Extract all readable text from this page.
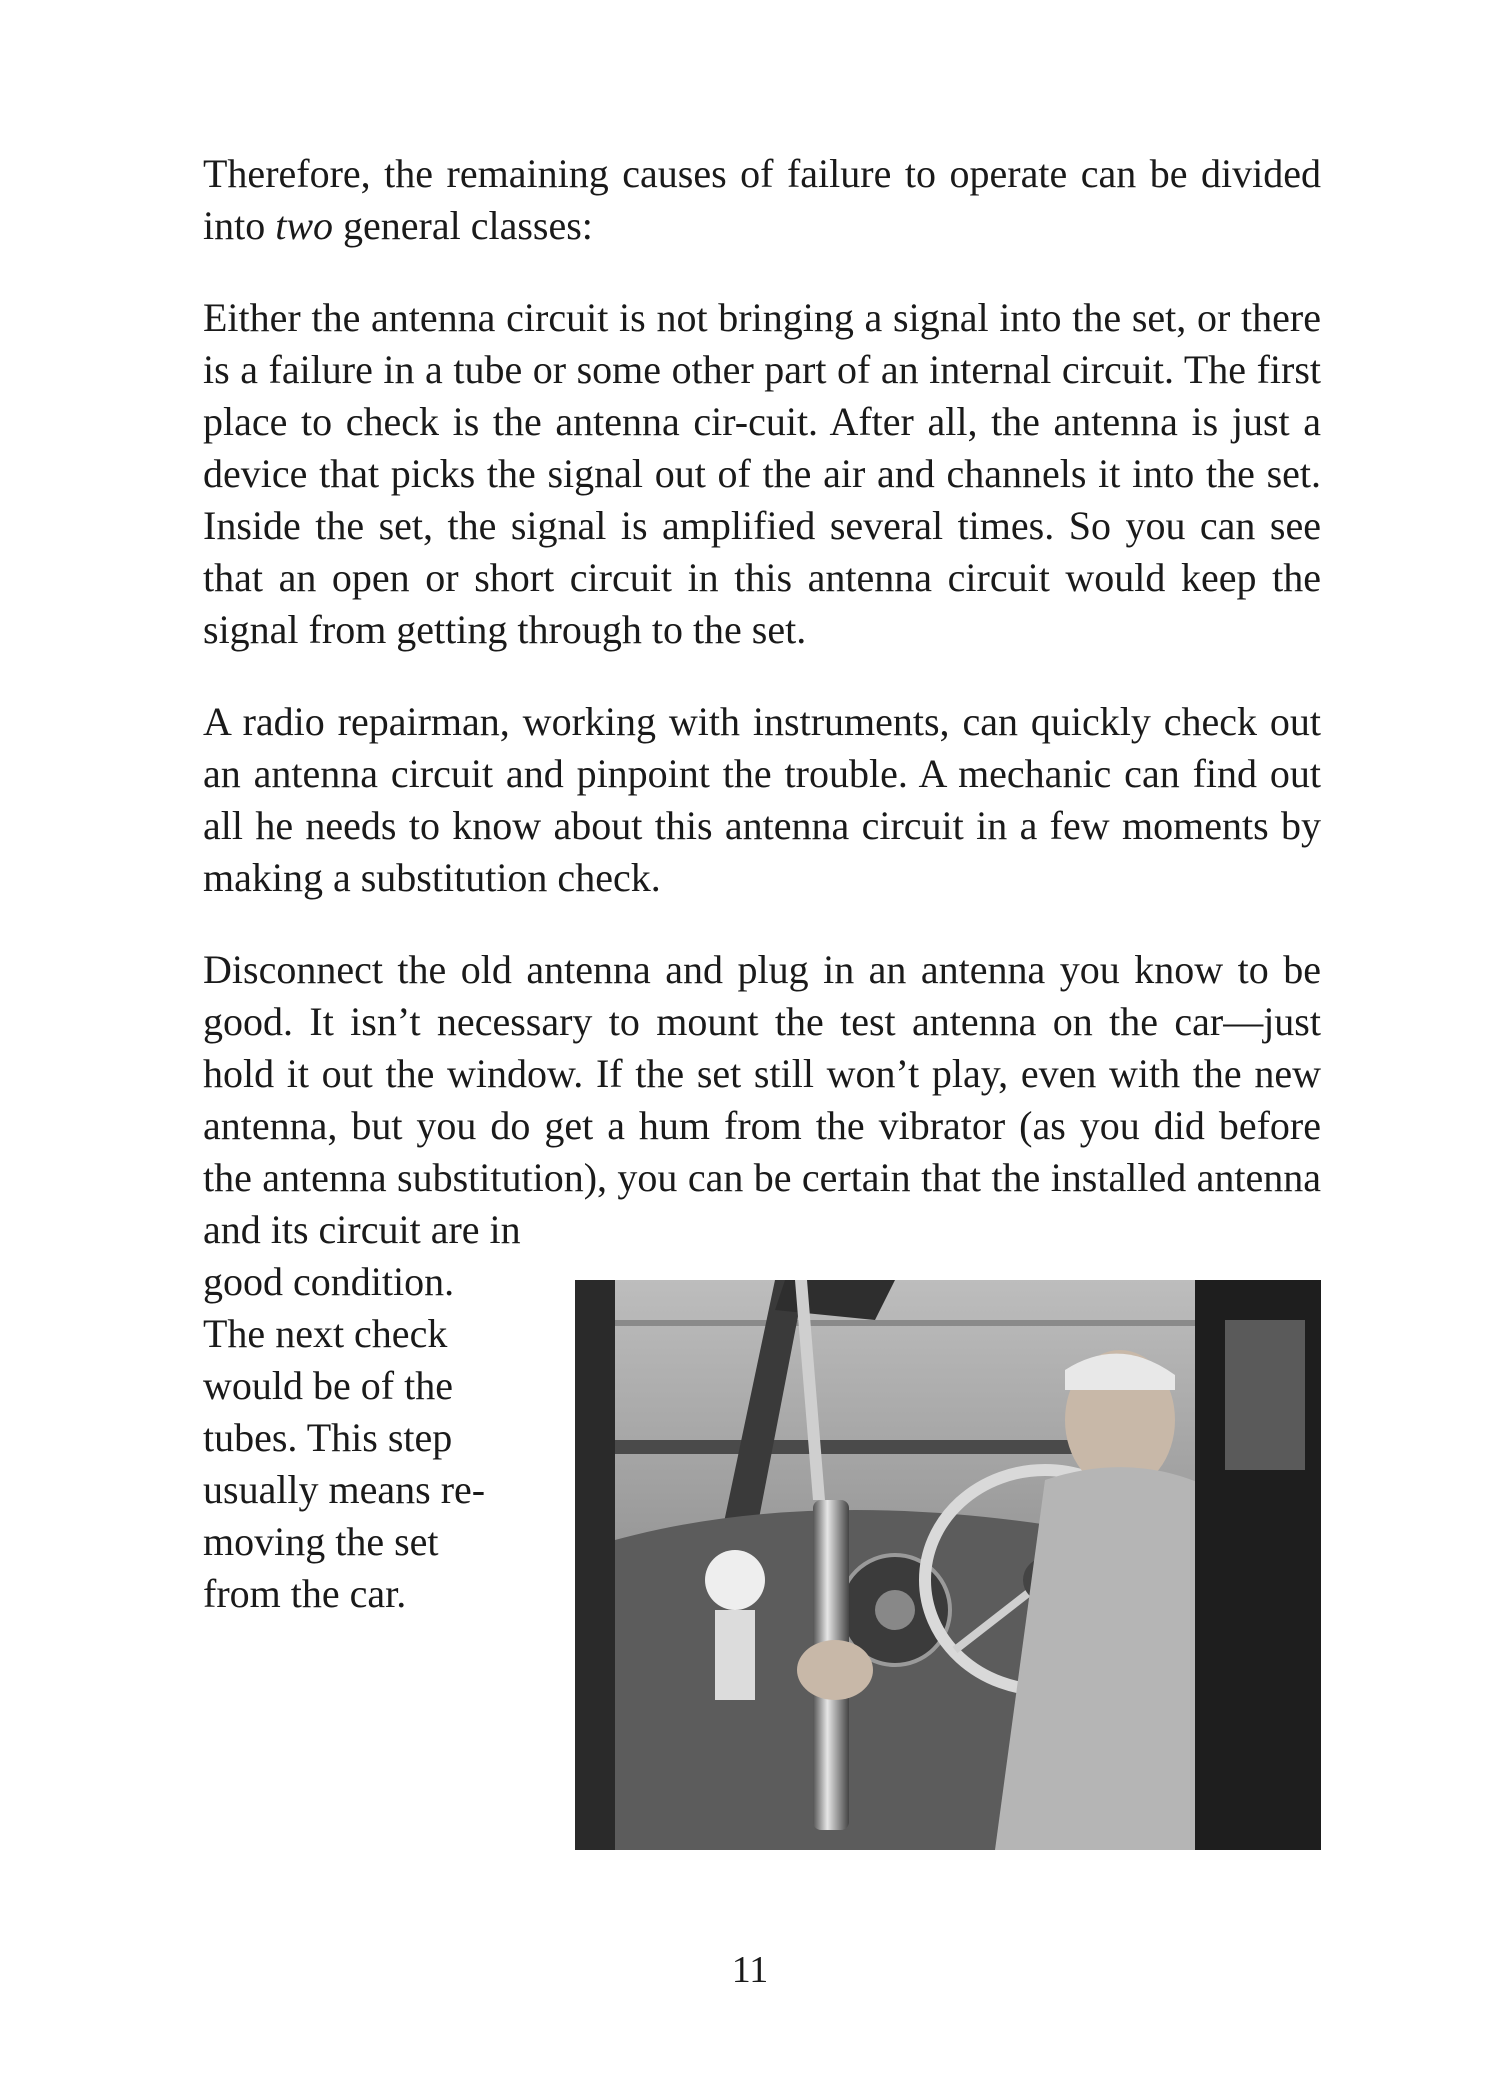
Therefore, the remaining causes of failure to operate can be divided into two general classes:

Either the antenna circuit is not bringing a signal into the set, or there is a failure in a tube or some other part of an internal circuit. The first place to check is the antenna cir-cuit. After all, the antenna is just a device that picks the signal out of the air and channels it into the set. Inside the set, the signal is amplified several times. So you can see that an open or short circuit in this antenna circuit would keep the signal from getting through to the set.

A radio repairman, working with instruments, can quickly check out an antenna circuit and pinpoint the trouble. A mechanic can find out all he needs to know about this antenna circuit in a few moments by making a substitution check.

Disconnect the old antenna and plug in an antenna you know to be good. It isn’t necessary to mount the test antenna on the car—just hold it out the window. If the set still won’t play, even with the new antenna, but you do get a hum from the vibrator (as you did before the antenna substitution), you can be certain that the installed antenna and its circuit are in

good condition.
The next check
would be of the
tubes. This step
usually means re-
moving the set
from the car.
11
